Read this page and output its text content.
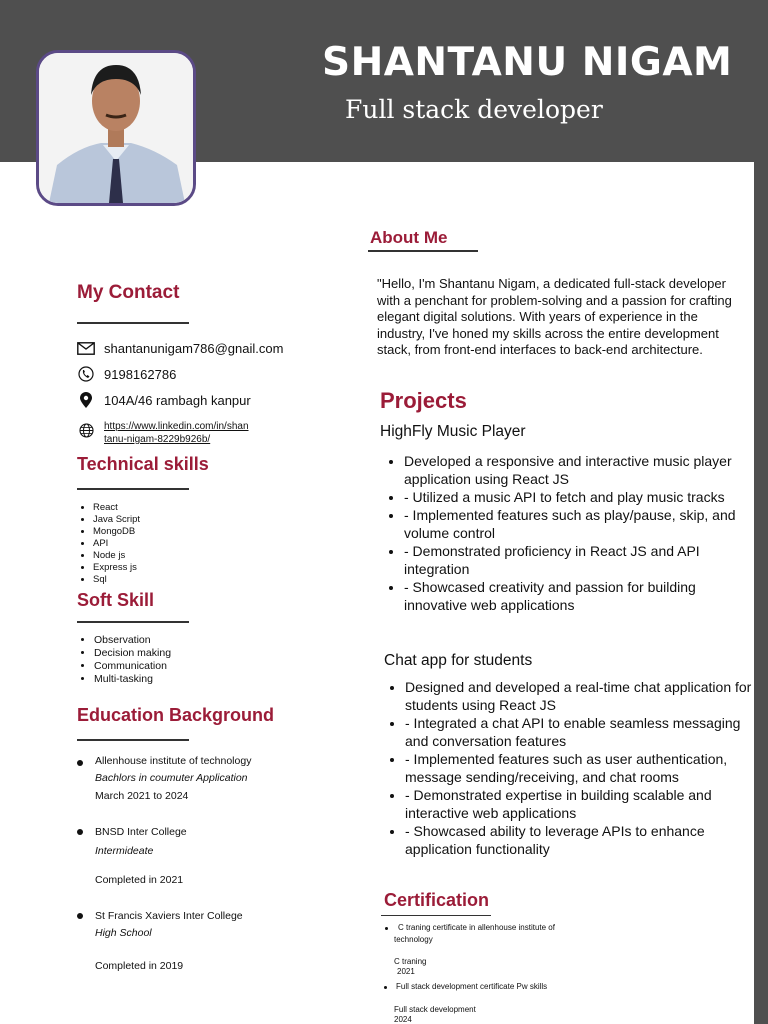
SHANTANU NIGAM
Full stack developer
My Contact
shantanunigam786@gnail.com
9198162786
104A/46 rambagh kanpur
https://www.linkedin.com/in/shan
tanu-nigam-8229b926b/
Technical skills
• React
• Java Script
• MongoDB
• API
• Node js
• Express js
• Sql
Soft Skill
• Observation
• Decision making
• Communication
• Multi-tasking
Education Background
Allenhouse institute of technology
Bachlors in coumuter Application
March 2021 to 2024
BNSD Inter College
Intermideate
Completed in 2021
St Francis Xaviers Inter College
High School
Completed in 2019
About Me
"Hello, I'm Shantanu Nigam, a dedicated full-stack developer with a penchant for problem-solving and a passion for crafting elegant digital solutions. With years of experience in the industry, I've honed my skills across the entire development stack, from front-end interfaces to back-end architecture.
Projects
HighFly Music Player
• Developed a responsive and interactive music player application using React JS
• - Utilized a music API to fetch and play music tracks
• - Implemented features such as play/pause, skip, and volume control
• - Demonstrated proficiency in React JS and API integration
• - Showcased creativity and passion for building innovative web applications
Chat app for students
• Designed and developed a real-time chat application for students using React JS
• - Integrated a chat API to enable seamless messaging and conversation features
• - Implemented features such as user authentication, message sending/receiving, and chat rooms
• - Demonstrated expertise in building scalable and interactive web applications
• - Showcased ability to leverage APIs to enhance application functionality
Certification
C traning certificate in allenhouse institute of
technology
C traning
2021
Full stack development certificate Pw skills
Full stack development
2024
